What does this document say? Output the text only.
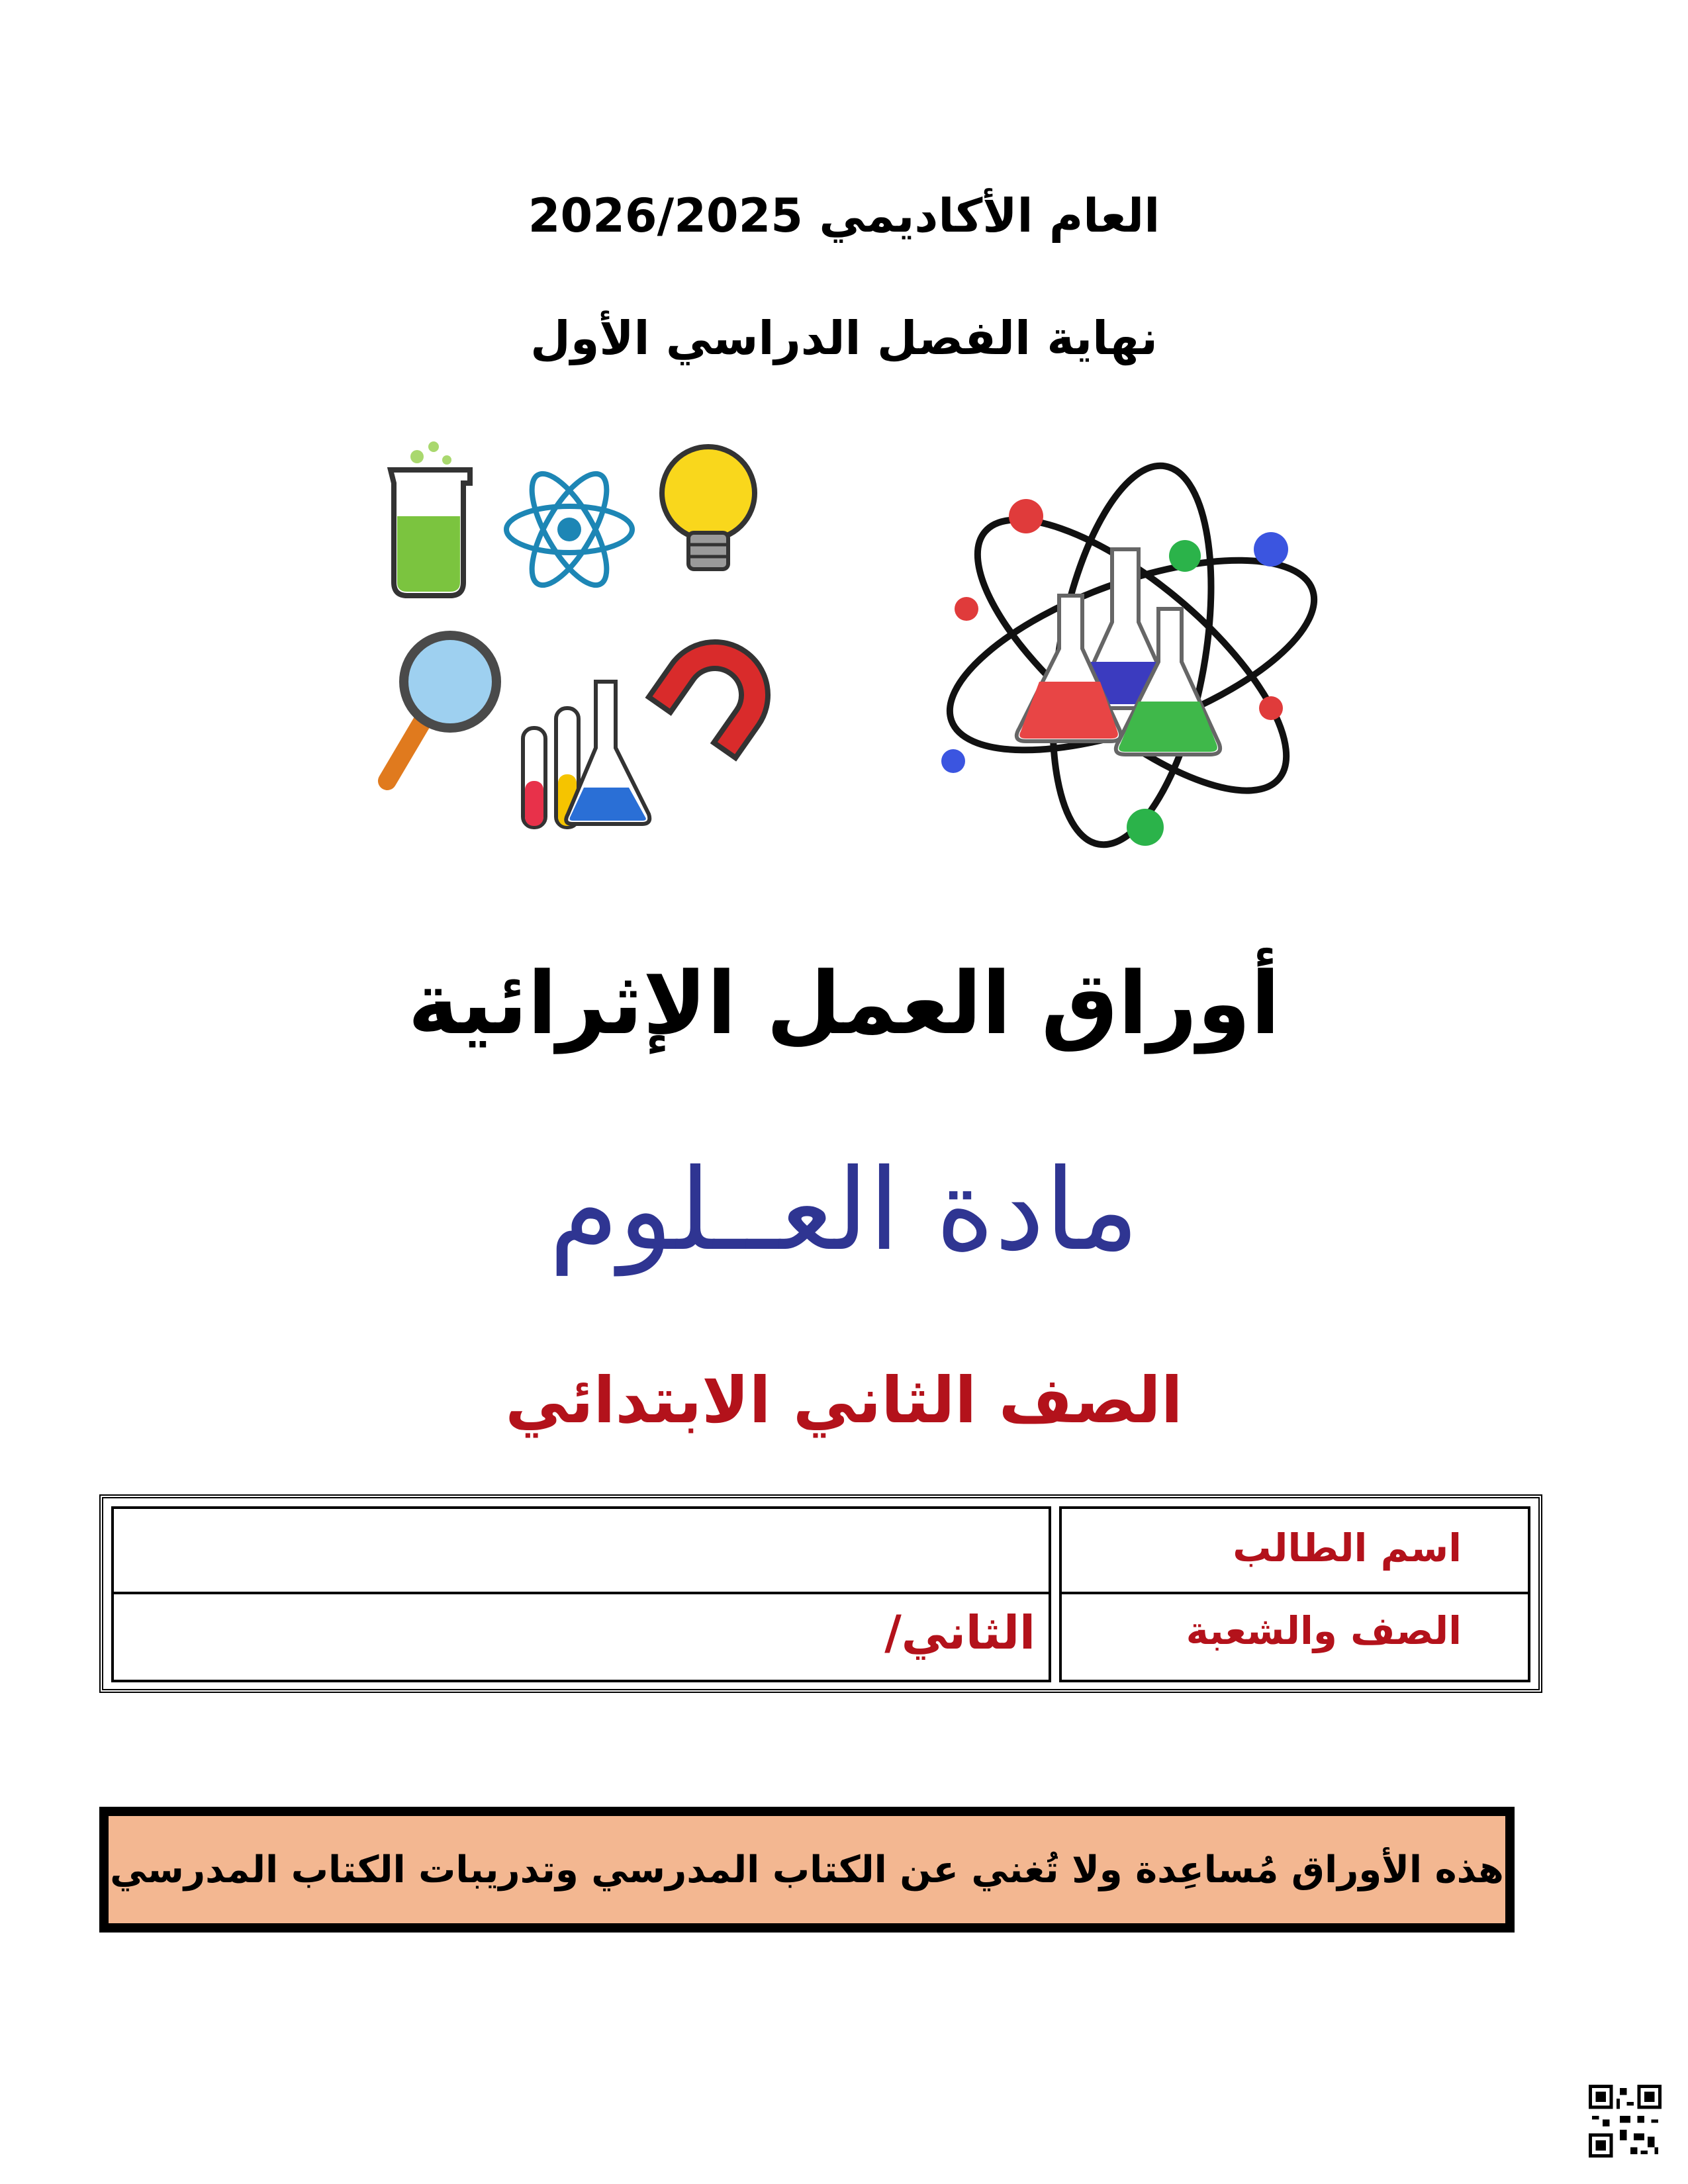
العام الأكاديمي 2026/2025
نهاية الفصل الدراسي الأول
أوراق العمل الإثرائية
مادة العــلوم
الصف الثاني الابتدائي
اسم الطالب
الصف والشعبة
الثاني/
هذه الأوراق مُساعِدة ولا تُغني عن الكتاب المدرسي وتدريبات الكتاب المدرسي
